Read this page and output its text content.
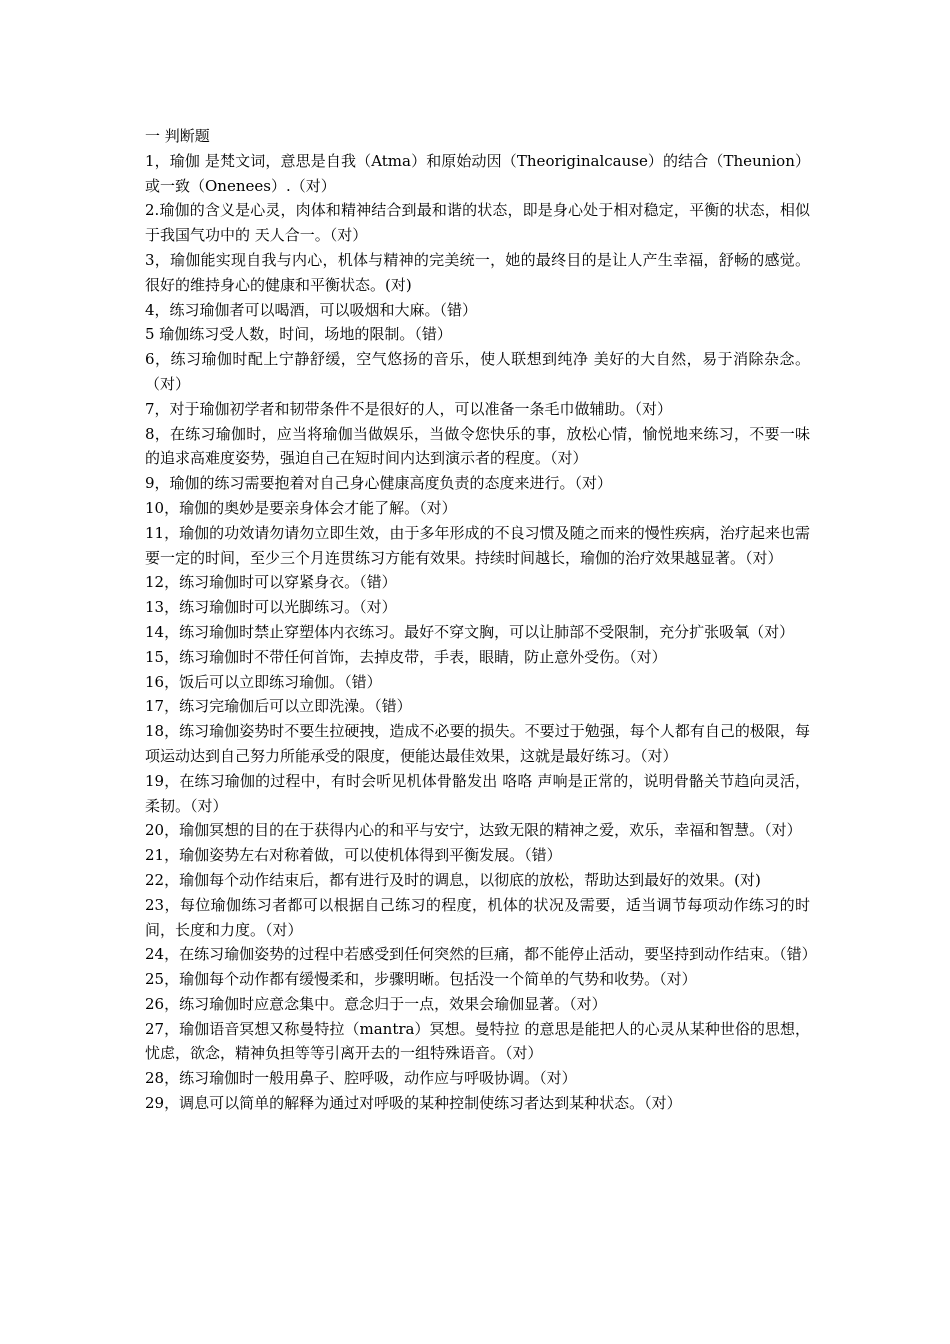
一 判断题

1，瑜伽 是梵文词，意思是自我（Atma）和原始动因（Theoriginalcause）的结合（Theunion）或一致（Onenees）.（对）

2.瑜伽的含义是心灵，肉体和精神结合到最和谐的状态，即是身心处于相对稳定，平衡的状态，相似于我国气功中的 天人合一。（对）

3，瑜伽能实现自我与内心，机体与精神的完美统一，她的最终目的是让人产生幸福，舒畅的感觉。很好的维持身心的健康和平衡状态。(对)

4，练习瑜伽者可以喝酒，可以吸烟和大麻。（错）

5 瑜伽练习受人数，时间，场地的限制。（错）

6，练习瑜伽时配上宁静舒缓，空气悠扬的音乐，使人联想到纯净 美好的大自然，易于消除杂念。（对）

7，对于瑜伽初学者和韧带条件不是很好的人，可以准备一条毛巾做辅助。（对）

8，在练习瑜伽时，应当将瑜伽当做娱乐，当做令您快乐的事，放松心情，愉悦地来练习，不要一味的追求高难度姿势，强迫自己在短时间内达到演示者的程度。（对）

9，瑜伽的练习需要抱着对自己身心健康高度负责的态度来进行。（对）

10，瑜伽的奥妙是要亲身体会才能了解。（对）

11，瑜伽的功效请勿请勿立即生效，由于多年形成的不良习惯及随之而来的慢性疾病，治疗起来也需要一定的时间，至少三个月连贯练习方能有效果。持续时间越长，瑜伽的治疗效果越显著。（对）

12，练习瑜伽时可以穿紧身衣。（错）

13，练习瑜伽时可以光脚练习。（对）

14，练习瑜伽时禁止穿塑体内衣练习。最好不穿文胸，可以让肺部不受限制，充分扩张吸氧（对）

15，练习瑜伽时不带任何首饰，去掉皮带，手表，眼睛，防止意外受伤。（对）

16，饭后可以立即练习瑜伽。（错）

17，练习完瑜伽后可以立即洗澡。（错）

18，练习瑜伽姿势时不要生拉硬拽，造成不必要的损失。不要过于勉强，每个人都有自己的极限，每项运动达到自己努力所能承受的限度，便能达最佳效果，这就是最好练习。（对）

19，在练习瑜伽的过程中，有时会听见机体骨骼发出 咯咯 声响是正常的，说明骨骼关节趋向灵活，柔韧。（对）

20，瑜伽冥想的目的在于获得内心的和平与安宁，达致无限的精神之爱，欢乐，幸福和智慧。（对）

21，瑜伽姿势左右对称着做，可以使机体得到平衡发展。（错）

22，瑜伽每个动作结束后，都有进行及时的调息，以彻底的放松，帮助达到最好的效果。(对)

23，每位瑜伽练习者都可以根据自己练习的程度，机体的状况及需要，适当调节每项动作练习的时间，长度和力度。（对）

24，在练习瑜伽姿势的过程中若感受到任何突然的巨痛，都不能停止活动，要坚持到动作结束。（错）

25，瑜伽每个动作都有缓慢柔和，步骤明晰。包括没一个简单的气势和收势。（对）

26，练习瑜伽时应意念集中。意念归于一点，效果会瑜伽显著。（对）

27，瑜伽语音冥想又称曼特拉（mantra）冥想。曼特拉 的意思是能把人的心灵从某种世俗的思想，忧虑，欲念，精神负担等等引离开去的一组特殊语音。（对）

28，练习瑜伽时一般用鼻子、腔呼吸，动作应与呼吸协调。（对）

29，调息可以简单的解释为通过对呼吸的某种控制使练习者达到某种状态。（对）
